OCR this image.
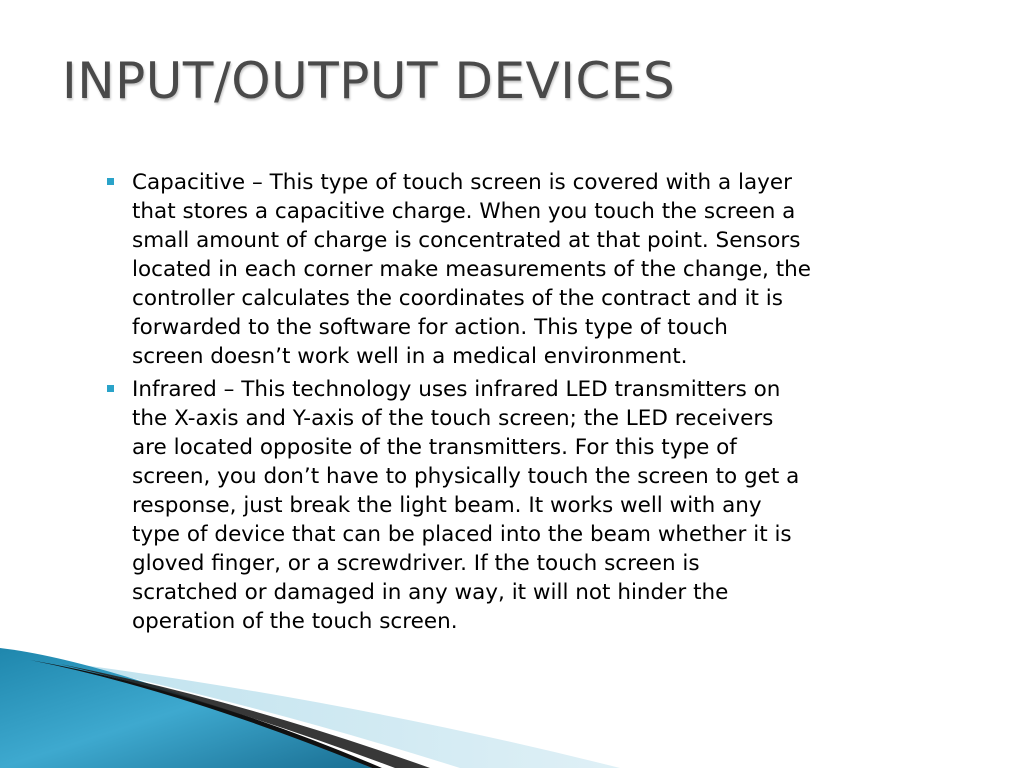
INPUT/OUTPUT DEVICES
Capacitive – This type of touch screen is covered with a layer
that stores a capacitive charge. When you touch the screen a
small amount of charge is concentrated at that point. Sensors
located in each corner make measurements of the change, the
controller calculates the coordinates of the contract and it is
forwarded to the software for action. This type of touch
screen doesn’t work well in a medical environment.
Infrared – This technology uses infrared LED transmitters on
the X-axis and Y-axis of the touch screen; the LED receivers
are located opposite of the transmitters. For this type of
screen, you don’t have to physically touch the screen to get a
response, just break the light beam. It works well with any
type of device that can be placed into the beam whether it is
gloved finger, or a screwdriver. If the touch screen is
scratched or damaged in any way, it will not hinder the
operation of the touch screen.
